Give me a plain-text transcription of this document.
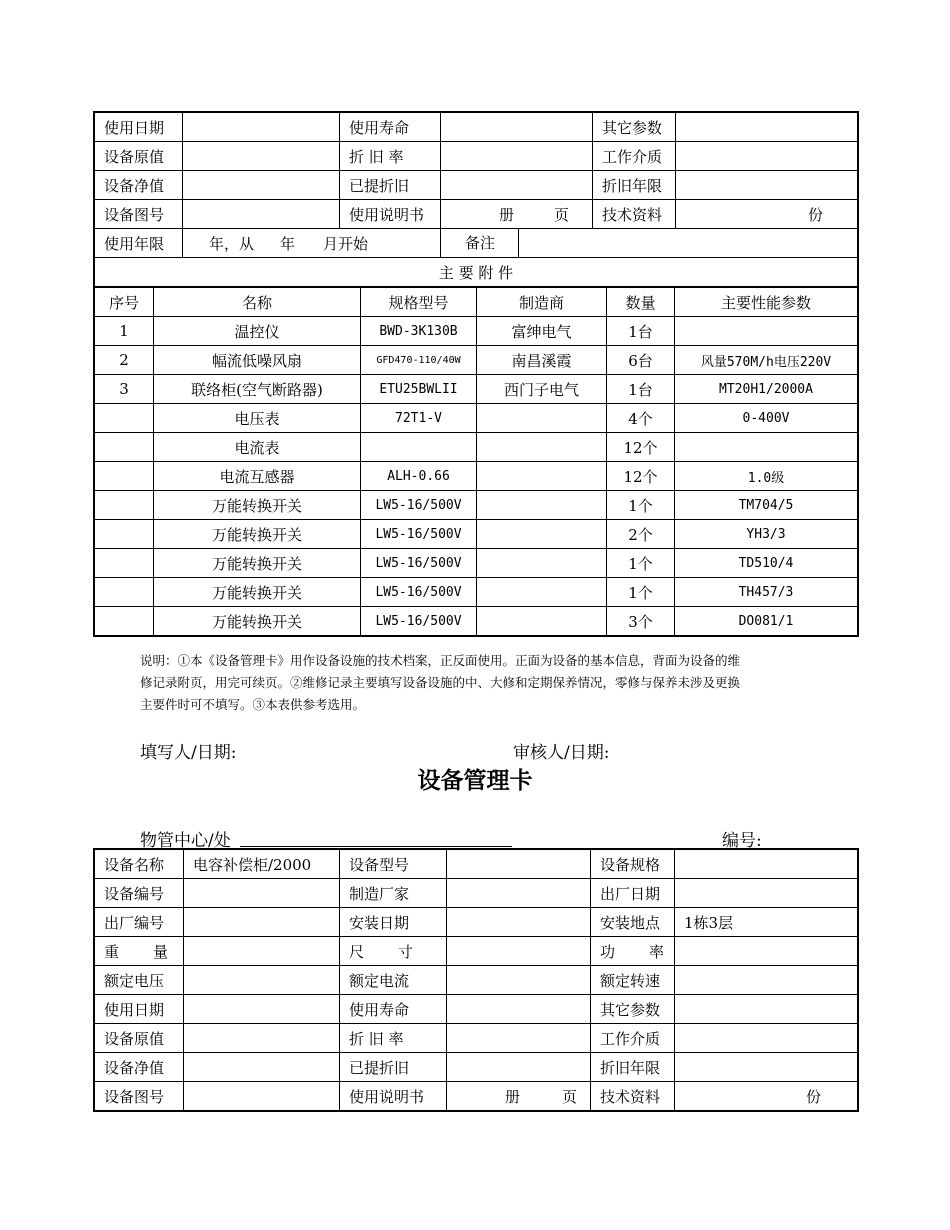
使用日期		使用寿命		其它参数	
设备原值		折 旧 率		工作介质	
设备净值		已提折旧		折旧年限	
设备图号		使用说明书	册 页	技术资料	份
使用年限	年，从 年 月开始		备注		

主 要 附 件					
序号	名称	规格型号	制造商	数量	主要性能参数
1	温控仪	BWD-3K130B	富绅电气	1台	
2	幅流低噪风扇	GFD470-110/40W	南昌溪霞	6台	风量570M/h电压220V
3	联络柜(空气断路器)	ETU25BWLII	西门子电气	1台	MT20H1/2000A
	电压表	72T1-V		4个	0-400V
	电流表			12个	
	电流互感器	ALH-0.66		12个	1.0级
	万能转换开关	LW5-16/500V		1个	TM704/5
	万能转换开关	LW5-16/500V		2个	YH3/3
	万能转换开关	LW5-16/500V		1个	TD510/4
	万能转换开关	LW5-16/500V		1个	TH457/3
	万能转换开关	LW5-16/500V		3个	DO081/1
说明：①本《设备管理卡》用作设备设施的技术档案，正反面使用。正面为设备的基本信息，背面为设备的维
修记录附页，用完可续页。②维修记录主要填写设备设施的中、大修和定期保养情况，零修与保养未涉及更换
主要件时可不填写。③本表供参考选用。
填写人/日期:	审核人/日期:
设备管理卡
物管中心/处	编号:
设备名称	电容补偿柜/2000	设备型号		设备规格	
设备编号		制造厂家		出厂日期	
出厂编号		安装日期		安装地点	1栋3层
重 量		尺 寸		功 率	
额定电压		额定电流		额定转速	
使用日期		使用寿命		其它参数	
设备原值		折 旧 率		工作介质	
设备净值		已提折旧		折旧年限	
设备图号		使用说明书	册 页	技术资料	份
